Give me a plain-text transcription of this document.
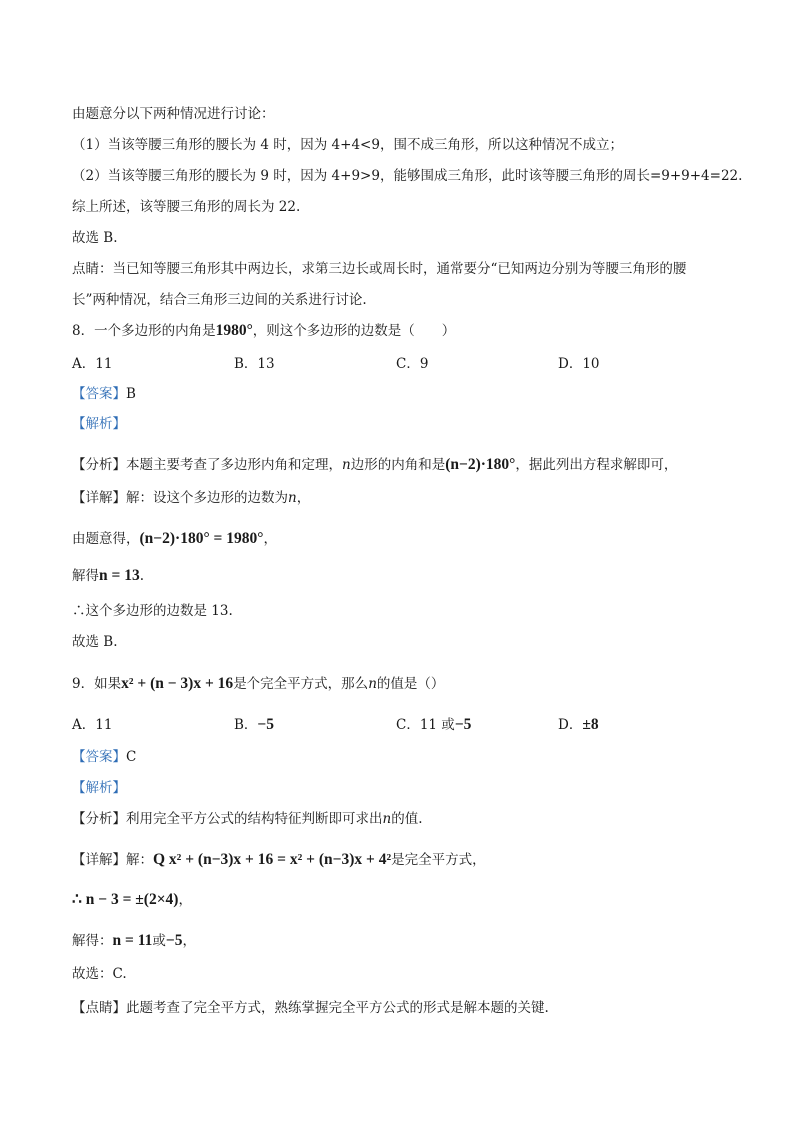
由题意分以下两种情况进行讨论：
（1）当该等腰三角形的腰长为 4 时，因为 4+4<9，围不成三角形，所以这种情况不成立；
（2）当该等腰三角形的腰长为 9 时，因为 4+9>9，能够围成三角形，此时该等腰三角形的周长=9+9+4=22.
综上所述，该等腰三角形的周长为 22.
故选 B.
点睛：当已知等腰三角形其中两边长，求第三边长或周长时，通常要分“已知两边分别为等腰三角形的腰
长”两种情况，结合三角形三边间的关系进行讨论.
8．一个多边形的内角是1980°，则这个多边形的边数是（　　）
A．11	B．13	C．9	D．10
【答案】B
【解析】
【分析】本题主要考查了多边形内角和定理，n边形的内角和是(n−2)·180°，据此列出方程求解即可，
【详解】解：设这个多边形的边数为n，
由题意得，(n−2)·180° = 1980°，
解得n = 13.
∴这个多边形的边数是 13.
故选 B.
9．如果x² + (n − 3)x + 16是个完全平方式，那么n的值是（）
A．11	B．−5	C．11 或−5	D．±8
【答案】C
【解析】
【分析】利用完全平方公式的结构特征判断即可求出n的值.
【详解】解：Q x² + (n−3)x + 16 = x² + (n−3)x + 4²是完全平方式，
∴ n − 3 = ±(2×4)，
解得：n = 11或−5，
故选：C.
【点睛】此题考查了完全平方式，熟练掌握完全平方公式的形式是解本题的关键.
